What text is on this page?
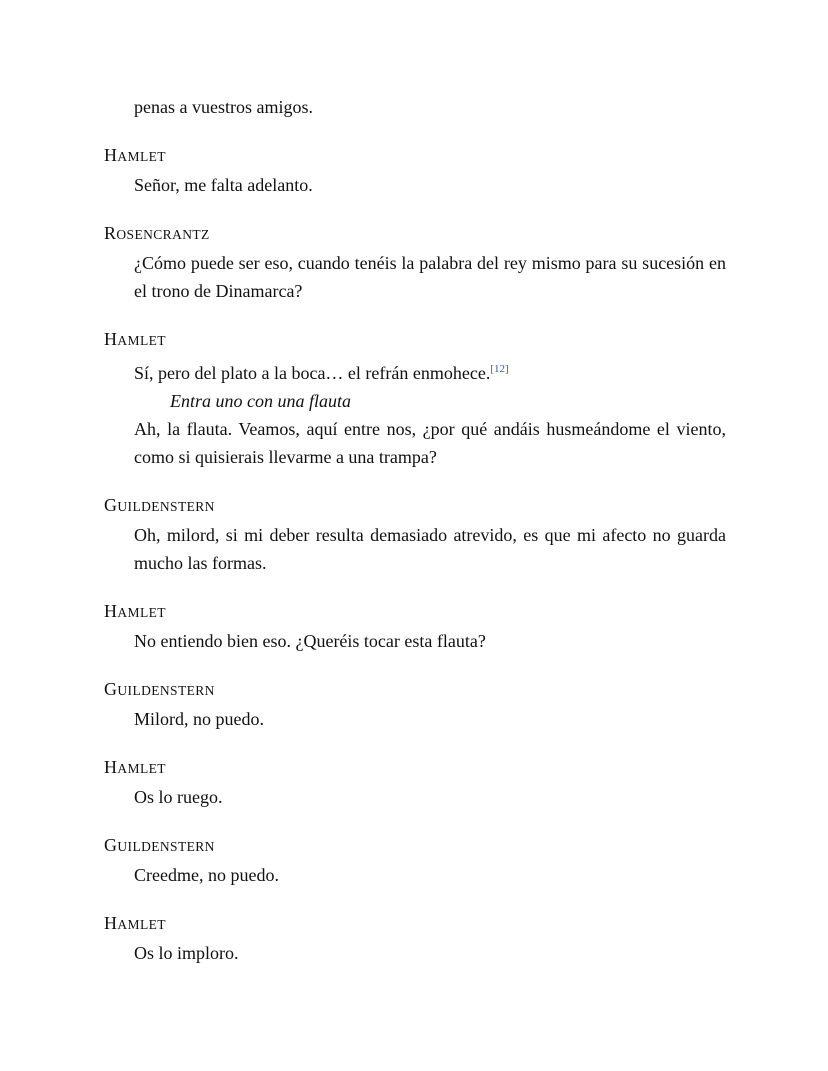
penas a vuestros amigos.

HAMLET

Señor, me falta adelanto.

ROSENCRANTZ

¿Cómo puede ser eso, cuando tenéis la palabra del rey mismo para su sucesión en el trono de Dinamarca?

HAMLET

Sí, pero del plato a la boca… el refrán enmohece.[12]

Entra uno con una flauta

Ah, la flauta. Veamos, aquí entre nos, ¿por qué andáis husmeándome el viento, como si quisierais llevarme a una trampa?

GUILDENSTERN

Oh, milord, si mi deber resulta demasiado atrevido, es que mi afecto no guarda mucho las formas.

HAMLET

No entiendo bien eso. ¿Queréis tocar esta flauta?

GUILDENSTERN

Milord, no puedo.

HAMLET

Os lo ruego.

GUILDENSTERN

Creedme, no puedo.

HAMLET

Os lo imploro.
